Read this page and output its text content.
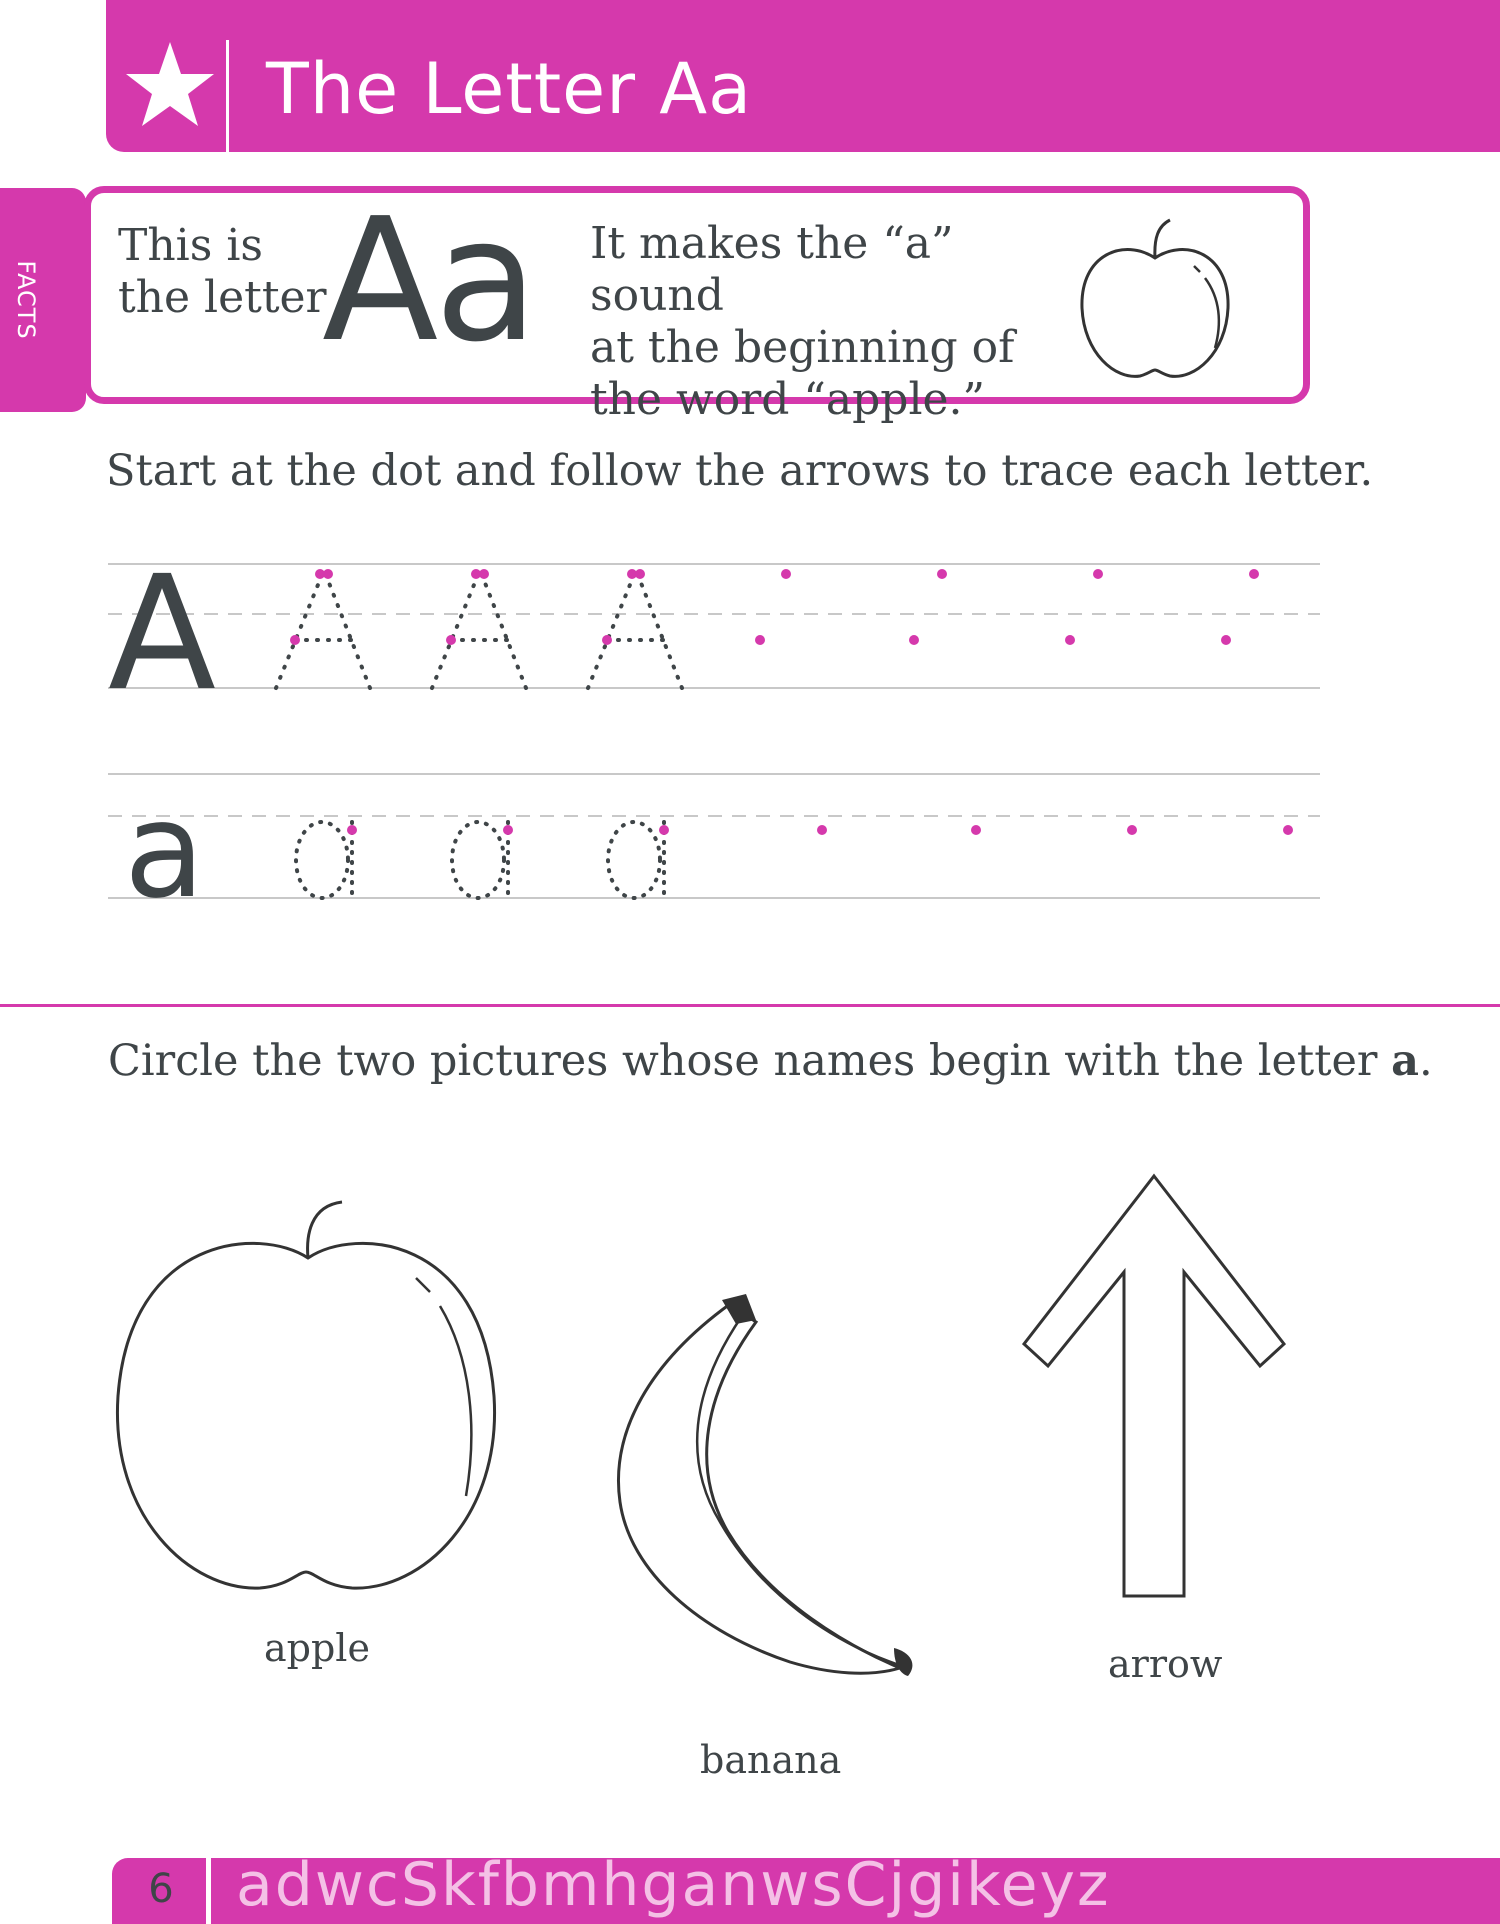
The Letter Aa
FACTS
This is
the letter
Aa It makes the “a” sound
at the beginning of
the word “apple.”
Start at the dot and follow the arrows to trace each letter.
A
a
Circle the two pictures whose names begin with the letter a.
apple
banana
arrow
6	adwcSkfbmhganwsCjgikeyz
